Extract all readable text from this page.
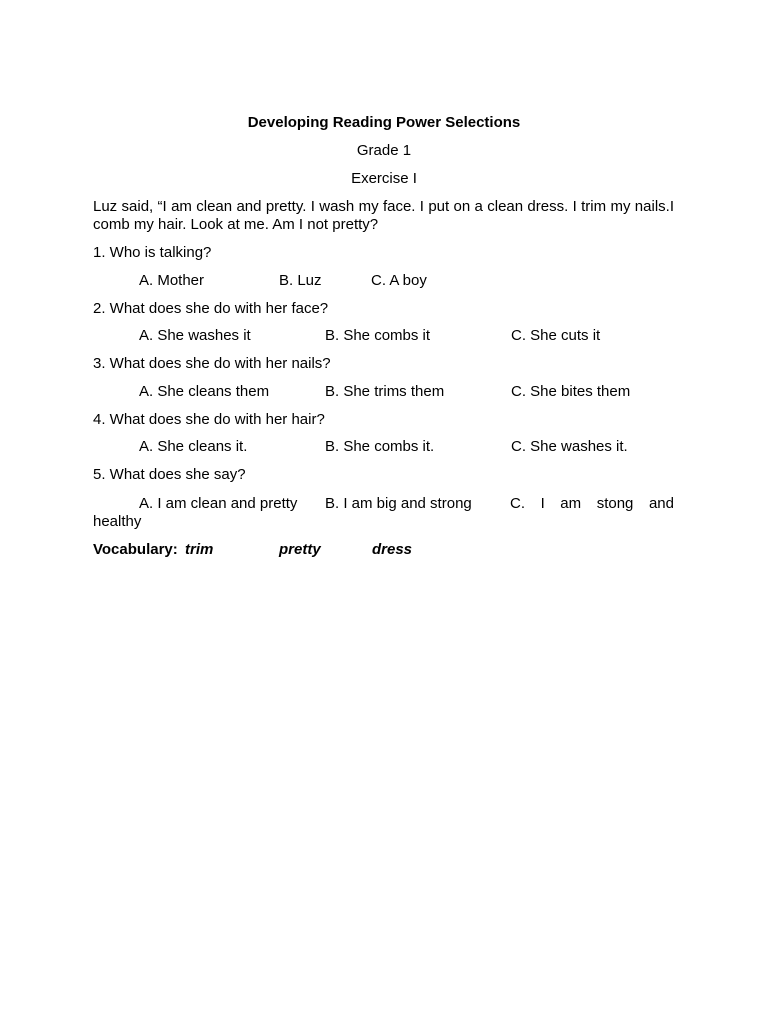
Developing Reading Power Selections
Grade 1
Exercise I
Luz said, “I am clean and pretty. I wash my face. I put on a clean dress. I trim my nails.I comb my hair. Look at me. Am I not pretty?
1. Who is talking?
A. Mother	B. Luz	C. A boy
2. What does she do with her face?
A. She washes it	B. She combs it	C. She cuts it
3. What does she do with her nails?
A. She cleans them	B. She trims them	C. She bites them
4. What does she do with her hair?
A. She cleans it.	B. She combs it.	C. She washes it.
5. What does she say?
A. I am clean and pretty B. I am big and strong	C. I am stong and
healthy
Vocabulary: trim	pretty	dress
